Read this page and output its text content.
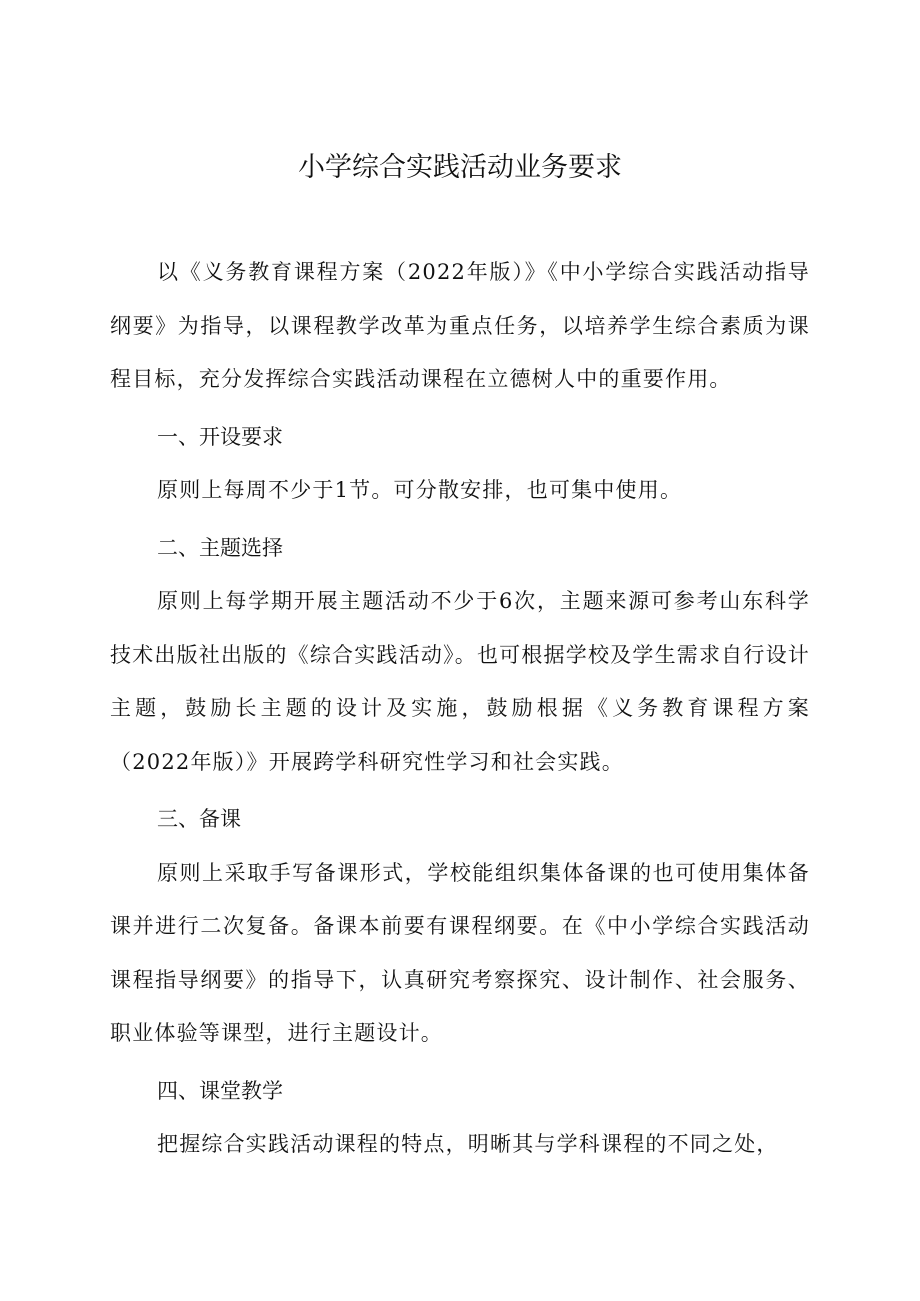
小学综合实践活动业务要求

以《义务教育课程方案（2022年版）》《中小学综合实践活动指导纲要》为指导，以课程教学改革为重点任务，以培养学生综合素质为课程目标，充分发挥综合实践活动课程在立德树人中的重要作用。

一、开设要求

原则上每周不少于1节。可分散安排，也可集中使用。

二、主题选择

原则上每学期开展主题活动不少于6次，主题来源可参考山东科学技术出版社出版的《综合实践活动》。也可根据学校及学生需求自行设计主题，鼓励长主题的设计及实施，鼓励根据《义务教育课程方案（2022年版）》开展跨学科研究性学习和社会实践。

三、备课

原则上采取手写备课形式，学校能组织集体备课的也可使用集体备课并进行二次复备。备课本前要有课程纲要。在《中小学综合实践活动课程指导纲要》的指导下，认真研究考察探究、设计制作、社会服务、职业体验等课型，进行主题设计。

四、课堂教学

把握综合实践活动课程的特点，明晰其与学科课程的不同之处，
